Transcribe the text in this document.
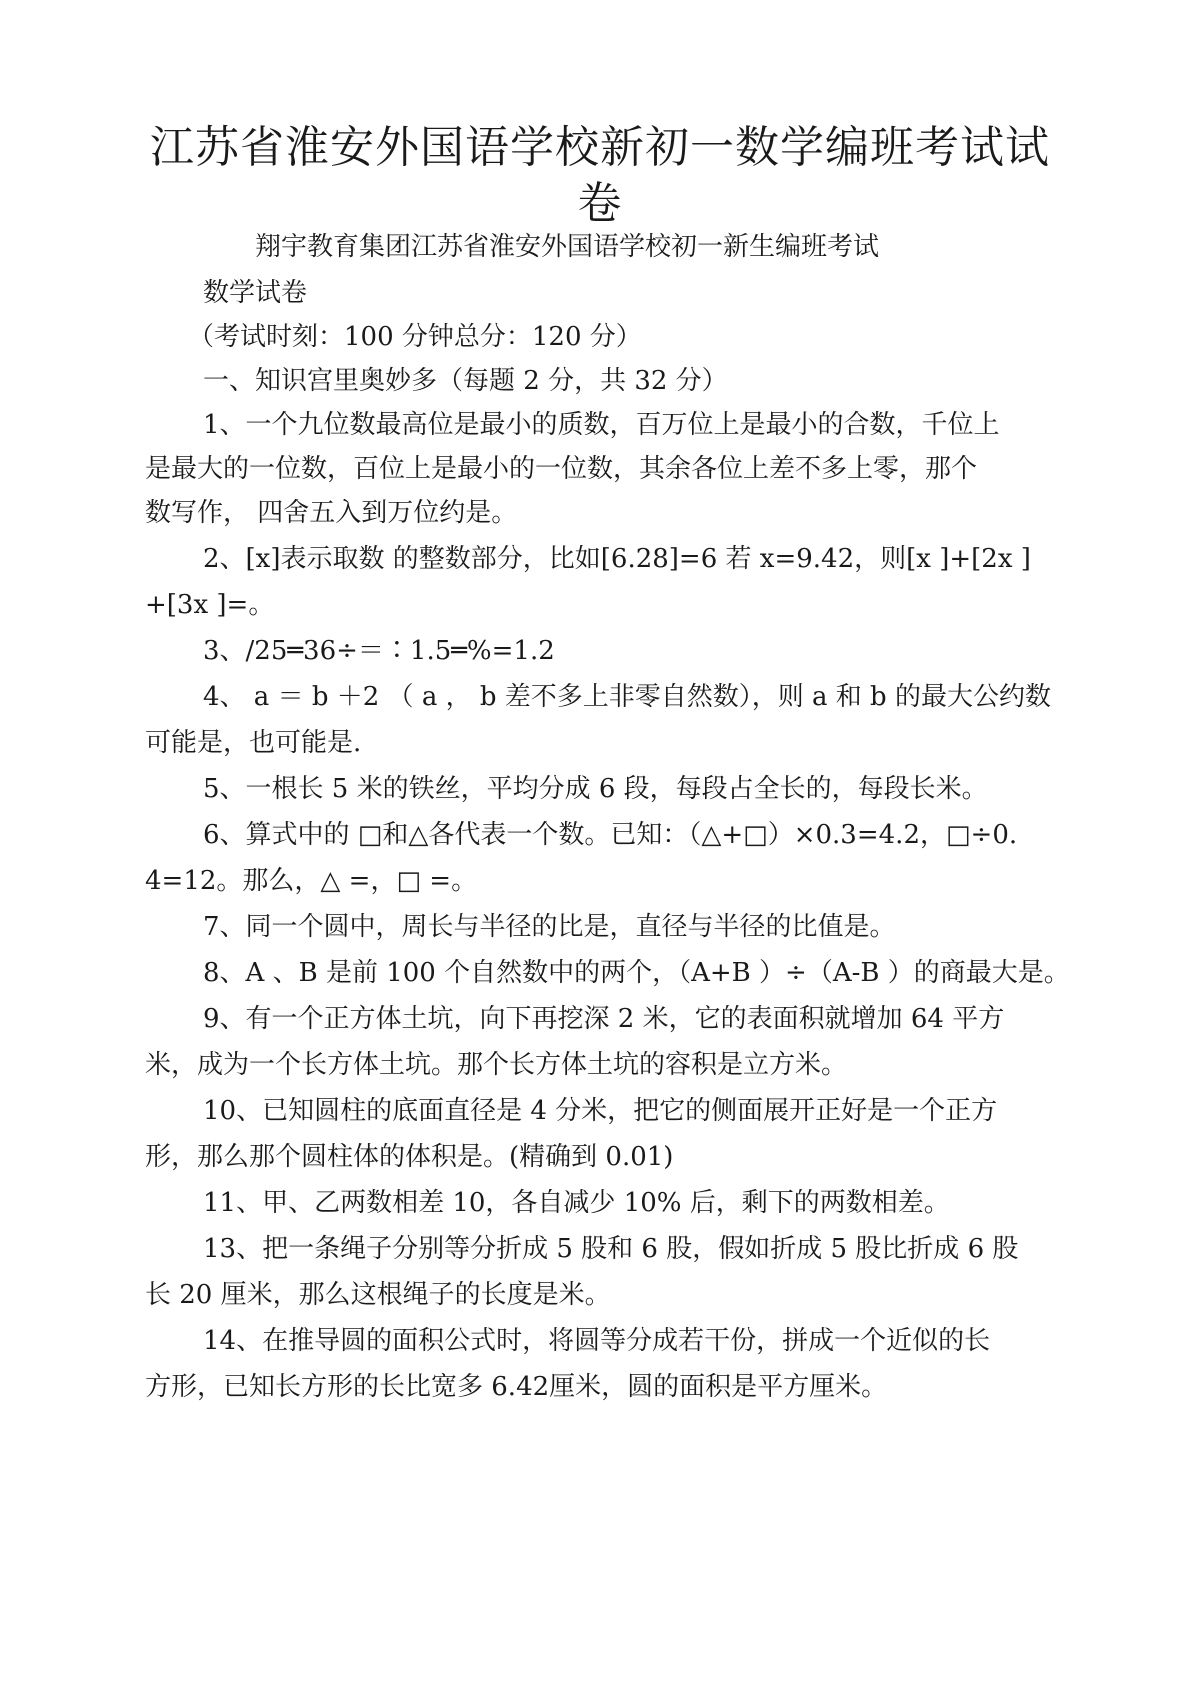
江苏省淮安外国语学校新初一数学编班考试试卷
翔宇教育集团江苏省淮安外国语学校初一新生编班考试
数学试卷
（考试时刻：100 分钟总分：120 分）
一、知识宫里奥妙多（每题 2 分，共 32 分）
1、一个九位数最高位是最小的质数，百万位上是最小的合数，千位上
是最大的一位数，百位上是最小的一位数，其余各位上差不多上零，那个
数写作， 四舍五入到万位约是。
2、[x]表示取数 的整数部分，比如[6.28]=6 若 x=9.42，则[x ]+[2x ]
+[3x ]=。
3、/25═36÷＝∶1.5═%=1.2
4、 a ＝ b ＋2 （ a ， b 差不多上非零自然数），则 a 和 b 的最大公约数
可能是，也可能是.
5、一根长 5 米的铁丝，平均分成 6 段，每段占全长的，每段长米。
6、算式中的 □和△各代表一个数。已知：（△+□）×0.3=4.2，□÷0.
4=12。那么，△ =，□ =。
7、同一个圆中，周长与半径的比是，直径与半径的比值是。
8、A 、B 是前 100 个自然数中的两个，（A+B ）÷（A-B ）的商最大是。
9、有一个正方体土坑，向下再挖深 2 米，它的表面积就增加 64 平方
米，成为一个长方体土坑。那个长方体土坑的容积是立方米。
10、已知圆柱的底面直径是 4 分米，把它的侧面展开正好是一个正方
形，那么那个圆柱体的体积是。(精确到 0.01)
11、甲、乙两数相差 10，各自减少 10% 后，剩下的两数相差。
13、把一条绳子分别等分折成 5 股和 6 股，假如折成 5 股比折成 6 股
长 20 厘米，那么这根绳子的长度是米。
14、在推导圆的面积公式时，将圆等分成若干份，拼成一个近似的长
方形，已知长方形的长比宽多 6.42厘米，圆的面积是平方厘米。
